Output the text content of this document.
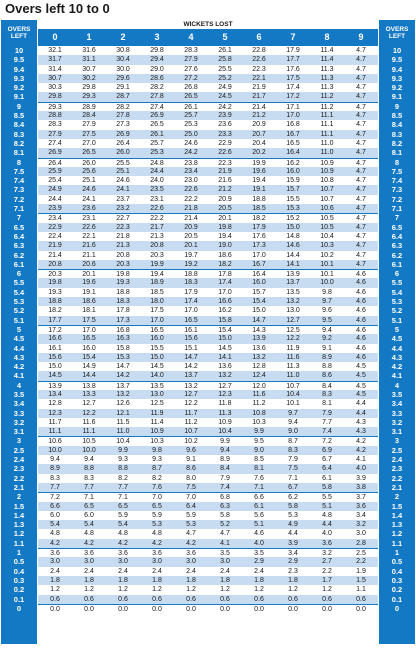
Overs left 10 to 0
OVERS
LEFT
10
9.5
9.4
9.3
9.2
9.1
9
8.5
8.4
8.3
8.2
8.1
8
7.5
7.4
7.3
7.2
7.1
7
6.5
6.4
6.3
6.2
6.1
6
5.5
5.4
5.3
5.2
5.1
5
4.5
4.4
4.3
4.2
4.1
4
3.5
3.4
3.3
3.2
3.1
3
2.5
2.4
2.3
2.2
2.1
2
1.5
1.4
1.3
1.2
1.1
1
0.5
0.4
0.3
0.2
0.1
0
WICKETS LOST
0	1	2	3	4	5	6	7	8	9
32.1	31.6	30.8	29.8	28.3	26.1	22.8	17.9	11.4	4.7
31.7	31.1	30.4	29.4	27.9	25.8	22.6	17.7	11.4	4.7
31.4	30.7	30.0	29.0	27.6	25.5	22.3	17.6	11.3	4.7
30.7	30.2	29.6	28.6	27.2	25.2	22.1	17.5	11.3	4.7
30.3	29.8	29.1	28.2	26.8	24.9	21.9	17.4	11.3	4.7
29.8	29.3	28.7	27.8	26.5	24.5	21.7	17.2	11.2	4.7
29.3	28.9	28.2	27.4	26.1	24.2	21.4	17.1	11.2	4.7
28.8	28.4	27.8	26.9	25.7	23.9	21.2	17.0	11.1	4.7
28.3	27.9	27.3	26.5	25.3	23.6	20.9	16.8	11.1	4.7
27.9	27.5	26.9	26.1	25.0	23.3	20.7	16.7	11.1	4.7
27.4	27.0	26.4	25.7	24.6	22.9	20.4	16.5	11.0	4.7
26.9	26.5	26.0	25.3	24.2	22.6	20.2	16.4	11.0	4.7
26.4	26.0	25.5	24.8	23.8	22.3	19.9	16.2	10.9	4.7
25.9	25.6	25.1	24.4	23.4	21.9	19.6	16.0	10.9	4.7
25.4	25.1	24.6	24.0	23.0	21.6	19.4	15.9	10.8	4.7
24.9	24.6	24.1	23.5	22.6	21.2	19.1	15.7	10.7	4.7
24.4	24.1	23.7	23.1	22.2	20.9	18.8	15.5	10.7	4.7
23.9	23.6	23.2	22.6	21.8	20.5	18.5	15.3	10.6	4.7
23.4	23.1	22.7	22.2	21.4	20.1	18.2	15.2	10.5	4.7
22.9	22.6	22.3	21.7	20.9	19.8	17.9	15.0	10.5	4.7
22.4	22.1	21.8	21.3	20.5	19.4	17.6	14.8	10.4	4.7
21.9	21.6	21.3	20.8	20.1	19.0	17.3	14.6	10.3	4.7
21.4	21.1	20.8	20.3	19.7	18.6	17.0	14.4	10.2	4.7
20.8	20.6	20.3	19.9	19.2	18.2	16.7	14.1	10.1	4.7
20.3	20.1	19.8	19.4	18.8	17.8	16.4	13.9	10.1	4.6
19.8	19.6	19.3	18.9	18.3	17.4	16.0	13.7	10.0	4.6
19.3	19.1	18.8	18.5	17.9	17.0	15.7	13.5	9.8	4.6
18.8	18.6	18.3	18.0	17.4	16.6	15.4	13.2	9.7	4.6
18.2	18.1	17.8	17.5	17.0	16.2	15.0	13.0	9.6	4.6
17.7	17.5	17.3	17.0	16.5	15.8	14.7	12.7	9.5	4.6
17.2	17.0	16.8	16.5	16.1	15.4	14.3	12.5	9.4	4.6
16.6	16.5	16.3	16.0	15.6	15.0	13.9	12.2	9.2	4.6
16.1	16.0	15.8	15.5	15.1	14.5	13.6	11.9	9.1	4.6
15.6	15.4	15.3	15.0	14.7	14.1	13.2	11.6	8.9	4.6
15.0	14.9	14.7	14.5	14.2	13.6	12.8	11.3	8.8	4.5
14.5	14.4	14.2	14.0	13.7	13.2	12.4	11.0	8.6	4.5
13.9	13.8	13.7	13.5	13.2	12.7	12.0	10.7	8.4	4.5
13.4	13.3	13.2	13.0	12.7	12.3	11.6	10.4	8.3	4.5
12.8	12.7	12.6	12.5	12.2	11.8	11.2	10.1	8.1	4.4
12.3	12.2	12.1	11.9	11.7	11.3	10.8	9.7	7.9	4.4
11.7	11.6	11.5	11.4	11.2	10.9	10.3	9.4	7.7	4.3
11.1	11.1	11.0	10.9	10.7	10.4	9.9	9.0	7.4	4.3
10.6	10.5	10.4	10.3	10.2	9.9	9.5	8.7	7.2	4.2
10.0	10.0	9.9	9.8	9.6	9.4	9.0	8.3	6.9	4.2
9.4	9.4	9.3	9.3	9.1	8.9	8.5	7.9	6.7	4.1
8.9	8.8	8.8	8.7	8.6	8.4	8.1	7.5	6.4	4.0
8.3	8.3	8.2	8.2	8.0	7.9	7.6	7.1	6.1	3.9
7.7	7.7	7.7	7.6	7.5	7.4	7.1	6.7	5.8	3.8
7.2	7.1	7.1	7.0	7.0	6.8	6.6	6.2	5.5	3.7
6.6	6.5	6.5	6.5	6.4	6.3	6.1	5.8	5.1	3.6
6.0	6.0	5.9	5.9	5.9	5.8	5.6	5.3	4.8	3.4
5.4	5.4	5.4	5.3	5.3	5.2	5.1	4.9	4.4	3.2
4.8	4.8	4.8	4.8	4.7	4.7	4.6	4.4	4.0	3.0
4.2	4.2	4.2	4.2	4.2	4.1	4.0	3.9	3.6	2.8
3.6	3.6	3.6	3.6	3.6	3.5	3.5	3.4	3.2	2.5
3.0	3.0	3.0	3.0	3.0	3.0	2.9	2.9	2.7	2.2
2.4	2.4	2.4	2.4	2.4	2.4	2.4	2.3	2.2	1.9
1.8	1.8	1.8	1.8	1.8	1.8	1.8	1.8	1.7	1.5
1.2	1.2	1.2	1.2	1.2	1.2	1.2	1.2	1.2	1.1
0.6	0.6	0.6	0.6	0.6	0.6	0.6	0.6	0.6	0.6
0.0	0.0	0.0	0.0	0.0	0.0	0.0	0.0	0.0	0.0
OVERS
LEFT
10
9.5
9.4
9.3
9.2
9.1
9
8.5
8.4
8.3
8.2
8.1
8
7.5
7.4
7.3
7.2
7.1
7
6.5
6.4
6.3
6.2
6.1
6
5.5
5.4
5.3
5.2
5.1
5
4.5
4.4
4.3
4.2
4.1
4
3.5
3.4
3.3
3.2
3.1
3
2.5
2.4
2.3
2.2
2.1
2
1.5
1.4
1.3
1.2
1.1
1
0.5
0.4
0.3
0.2
0.1
0
